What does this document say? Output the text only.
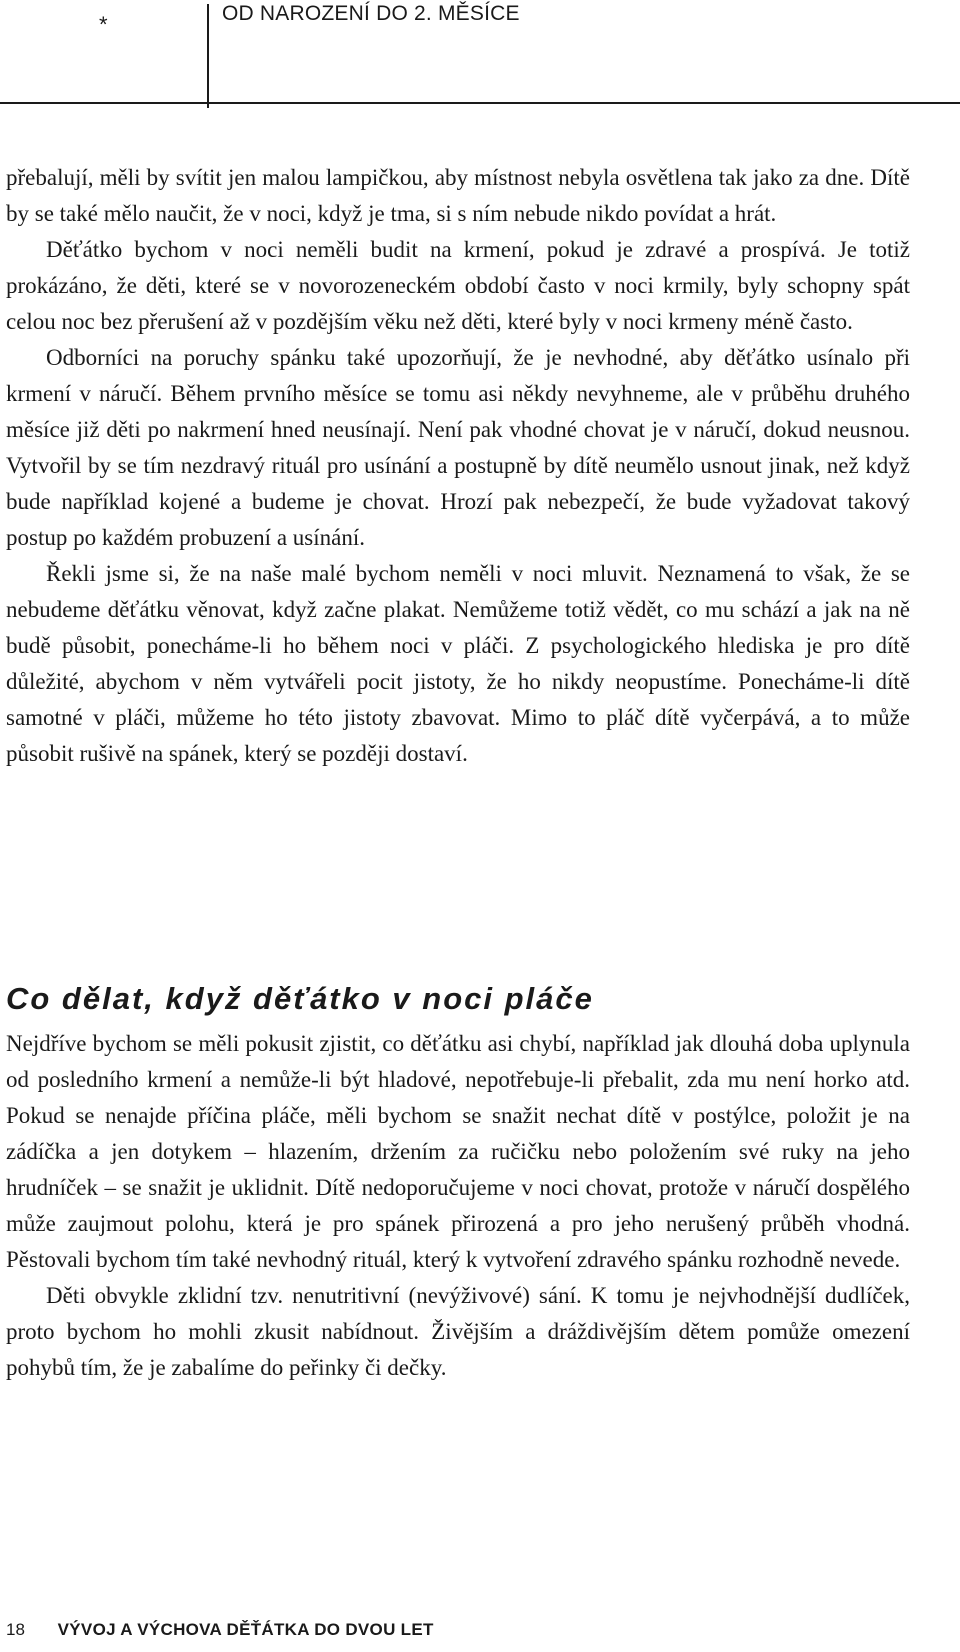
*	OD NAROZENÍ DO 2. MĚSÍCE

přebalují, měli by svítit jen malou lampičkou, aby místnost nebyla osvětlena tak jako za dne. Dítě by se také mělo naučit, že v noci, když je tma, si s ním nebude nikdo povídat a hrát.

Děťátko bychom v noci neměli budit na krmení, pokud je zdravé a prospívá. Je totiž prokázáno, že děti, které se v novorozeneckém období často v noci krmily, byly schopny spát celou noc bez přerušení až v pozdějším věku než děti, které byly v noci krmeny méně často.

Odborníci na poruchy spánku také upozorňují, že je nevhodné, aby děťátko usínalo při krmení v náručí. Během prvního měsíce se tomu asi někdy nevyhneme, ale v průběhu druhého měsíce již děti po nakrmení hned neusínají. Není pak vhodné chovat je v náručí, dokud neusnou. Vytvořil by se tím nezdravý rituál pro usínání a postupně by dítě neumělo usnout jinak, než když bude například kojené a budeme je chovat. Hrozí pak nebezpečí, že bude vyžadovat takový postup po každém probuzení a usínání.

Řekli jsme si, že na naše malé bychom neměli v noci mluvit. Neznamená to však, že se nebudeme děťátku věnovat, když začne plakat. Nemůžeme totiž vědět, co mu schází a jak na ně budě působit, ponecháme-li ho během noci v pláči. Z psychologického hlediska je pro dítě důležité, abychom v něm vytvářeli pocit jistoty, že ho nikdy neopustíme. Ponecháme-li dítě samotné v pláči, můžeme ho této jistoty zbavovat. Mimo to pláč dítě vyčerpává, a to může působit rušivě na spánek, který se později dostaví.

Co dělat, když děťátko v noci pláče

Nejdříve bychom se měli pokusit zjistit, co děťátku asi chybí, například jak dlouhá doba uplynula od posledního krmení a nemůže-li být hladové, nepotřebuje-li přebalit, zda mu není horko atd. Pokud se nenajde příčina pláče, měli bychom se snažit nechat dítě v postýlce, položit je na zádíčka a jen dotykem – hlazením, držením za ručičku nebo položením své ruky na jeho hrudníček – se snažit je uklidnit. Dítě nedoporučujeme v noci chovat, protože v náručí dospělého může zaujmout polohu, která je pro spánek přirozená a pro jeho nerušený průběh vhodná. Pěstovali bychom tím také nevhodný rituál, který k vytvoření zdravého spánku rozhodně nevede.

Děti obvykle zklidní tzv. nenutritivní (nevýživové) sání. K tomu je nejvhodnější dudlíček, proto bychom ho mohli zkusit nabídnout. Živějším a dráždivějším dětem pomůže omezení pohybů tím, že je zabalíme do peřinky či dečky.

18 VÝVOJ A VÝCHOVA DĚŤÁTKA DO DVOU LET
